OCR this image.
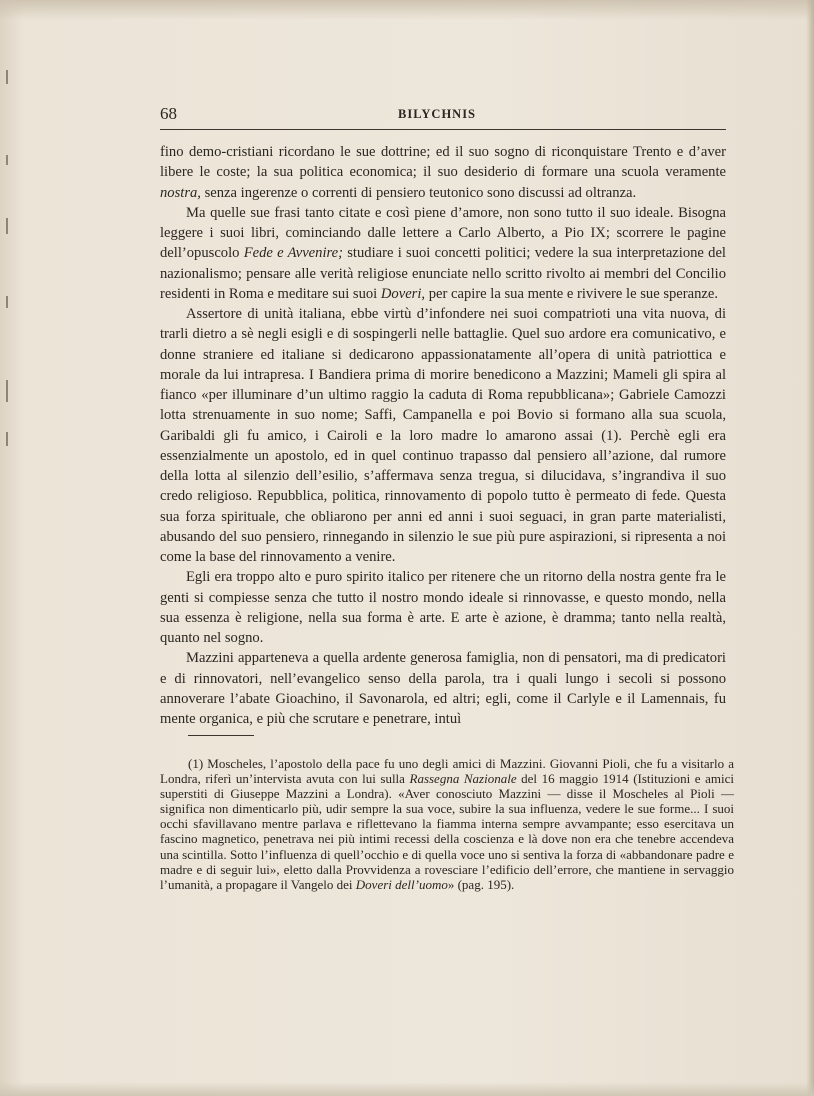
68	BILYCHNIS

fino demo-cristiani ricordano le sue dottrine; ed il suo sogno di riconquistare Trento e d’aver libere le coste; la sua politica economica; il suo desiderio di formare una scuola veramente nostra, senza ingerenze o correnti di pensiero teutonico sono discussi ad oltranza.

Ma quelle sue frasi tanto citate e così piene d’amore, non sono tutto il suo ideale. Bisogna leggere i suoi libri, cominciando dalle lettere a Carlo Alberto, a Pio IX; scorrere le pagine dell’opuscolo Fede e Avvenire; studiare i suoi concetti politici; vedere la sua interpretazione del nazionalismo; pensare alle verità religiose enunciate nello scritto rivolto ai membri del Concilio residenti in Roma e meditare sui suoi Doveri, per capire la sua mente e rivivere le sue speranze.

Assertore di unità italiana, ebbe virtù d’infondere nei suoi compatrioti una vita nuova, di trarli dietro a sè negli esigli e di sospingerli nelle battaglie. Quel suo ardore era comunicativo, e donne straniere ed italiane si dedicarono appassionatamente all’opera di unità patriottica e morale da lui intrapresa. I Bandiera prima di morire benedicono a Mazzini; Mameli gli spira al fianco «per illuminare d’un ultimo raggio la caduta di Roma repubblicana»; Gabriele Camozzi lotta strenuamente in suo nome; Saffi, Campanella e poi Bovio si formano alla sua scuola, Garibaldi gli fu amico, i Cairoli e la loro madre lo amarono assai (1). Perchè egli era essenzialmente un apostolo, ed in quel continuo trapasso dal pensiero all’azione, dal rumore della lotta al silenzio dell’esilio, s’affermava senza tregua, si dilucidava, s’ingrandiva il suo credo religioso. Repubblica, politica, rinnovamento di popolo tutto è permeato di fede. Questa sua forza spirituale, che obliarono per anni ed anni i suoi seguaci, in gran parte materialisti, abusando del suo pensiero, rinnegando in silenzio le sue più pure aspirazioni, si ripresenta a noi come la base del rinnovamento a venire.

Egli era troppo alto e puro spirito italico per ritenere che un ritorno della nostra gente fra le genti si compiesse senza che tutto il nostro mondo ideale si rinnovasse, e questo mondo, nella sua essenza è religione, nella sua forma è arte. E arte è azione, è dramma; tanto nella realtà, quanto nel sogno.

Mazzini apparteneva a quella ardente generosa famiglia, non di pensatori, ma di predicatori e di rinnovatori, nell’evangelico senso della parola, tra i quali lungo i secoli si possono annoverare l’abate Gioachino, il Savonarola, ed altri; egli, come il Carlyle e il Lamennais, fu mente organica, e più che scrutare e penetrare, intuì

(1) Moscheles, l’apostolo della pace fu uno degli amici di Mazzini. Giovanni Pioli, che fu a visitarlo a Londra, riferì un’intervista avuta con lui sulla Rassegna Nazionale del 16 maggio 1914 (Istituzioni e amici superstiti di Giuseppe Mazzini a Londra). «Aver conosciuto Mazzini — disse il Moscheles al Pioli — significa non dimenticarlo più, udir sempre la sua voce, subire la sua influenza, vedere le sue forme... I suoi occhi sfavillavano mentre parlava e riflettevano la fiamma interna sempre avvampante; esso esercitava un fascino magnetico, penetrava nei più intimi recessi della coscienza e là dove non era che tenebre accendeva una scintilla. Sotto l’influenza di quell’occhio e di quella voce uno si sentiva la forza di «abbandonare padre e madre e di seguir lui», eletto dalla Provvidenza a rovesciare l’edificio dell’errore, che mantiene in servaggio l’umanità, a propagare il Vangelo dei Doveri dell’uomo» (pag. 195).
